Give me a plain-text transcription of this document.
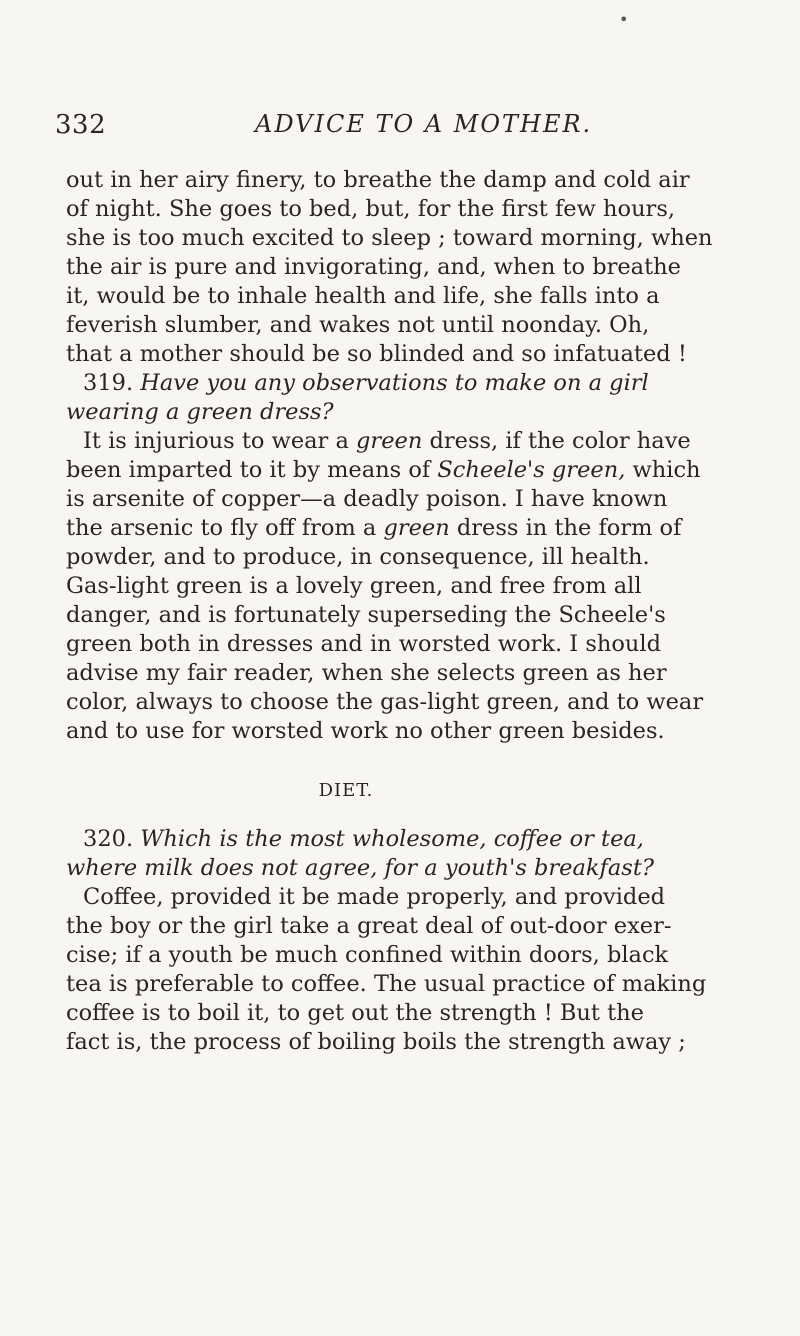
•
332	ADVICE TO A MOTHER.
out in her airy finery, to breathe the damp and cold air
of night. She goes to bed, but, for the first few hours,
she is too much excited to sleep ; toward morning, when
the air is pure and invigorating, and, when to breathe
it, would be to inhale health and life, she falls into a
feverish slumber, and wakes not until noonday. Oh,
that a mother should be so blinded and so infatuated !
319. Have you any observations to make on a girl
wearing a green dress?
It is injurious to wear a green dress, if the color have
been imparted to it by means of Scheele's green, which
is arsenite of copper—a deadly poison. I have known
the arsenic to fly off from a green dress in the form of
powder, and to produce, in consequence, ill health.
Gas-light green is a lovely green, and free from all
danger, and is fortunately superseding the Scheele's
green both in dresses and in worsted work. I should
advise my fair reader, when she selects green as her
color, always to choose the gas-light green, and to wear
and to use for worsted work no other green besides.
DIET.
320. Which is the most wholesome, coffee or tea,
where milk does not agree, for a youth's breakfast?
Coffee, provided it be made properly, and provided
the boy or the girl take a great deal of out-door exer-
cise; if a youth be much confined within doors, black
tea is preferable to coffee. The usual practice of making
coffee is to boil it, to get out the strength ! But the
fact is, the process of boiling boils the strength away ;
